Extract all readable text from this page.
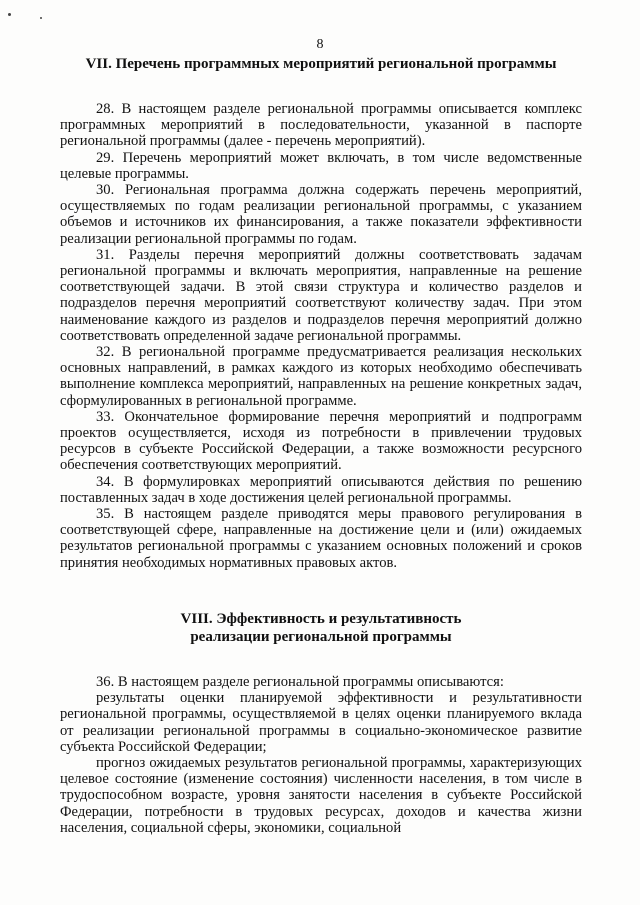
8
VII. Перечень программных мероприятий региональной программы

28. В настоящем разделе региональной программы описывается комплекс программных мероприятий в последовательности, указанной в паспорте региональной программы (далее - перечень мероприятий).

29. Перечень мероприятий может включать, в том числе ведомственные целевые программы.

30. Региональная программа должна содержать перечень мероприятий, осуществляемых по годам реализации региональной программы, с указанием объемов и источников их финансирования, а также показатели эффективности реализации региональной программы по годам.

31. Разделы перечня мероприятий должны соответствовать задачам региональной программы и включать мероприятия, направленные на решение соответствующей задачи. В этой связи структура и количество разделов и подразделов перечня мероприятий соответствуют количеству задач. При этом наименование каждого из разделов и подразделов перечня мероприятий должно соответствовать определенной задаче региональной программы.

32. В региональной программе предусматривается реализация нескольких основных направлений, в рамках каждого из которых необходимо обеспечивать выполнение комплекса мероприятий, направленных на решение конкретных задач, сформулированных в региональной программе.

33. Окончательное формирование перечня мероприятий и подпрограмм проектов осуществляется, исходя из потребности в привлечении трудовых ресурсов в субъекте Российской Федерации, а также возможности ресурсного обеспечения соответствующих мероприятий.

34. В формулировках мероприятий описываются действия по решению поставленных задач в ходе достижения целей региональной программы.

35. В настоящем разделе приводятся меры правового регулирования в соответствующей сфере, направленные на достижение цели и (или) ожидаемых результатов региональной программы с указанием основных положений и сроков принятия необходимых нормативных правовых актов.

VIII. Эффективность и результативность
реализации региональной программы

36. В настоящем разделе региональной программы описываются:

результаты оценки планируемой эффективности и результативности региональной программы, осуществляемой в целях оценки планируемого вклада от реализации региональной программы в социально-экономическое развитие субъекта Российской Федерации;

прогноз ожидаемых результатов региональной программы, характеризующих целевое состояние (изменение состояния) численности населения, в том числе в трудоспособном возрасте, уровня занятости населения в субъекте Российской Федерации, потребности в трудовых ресурсах, доходов и качества жизни населения, социальной сферы, экономики, социальной
